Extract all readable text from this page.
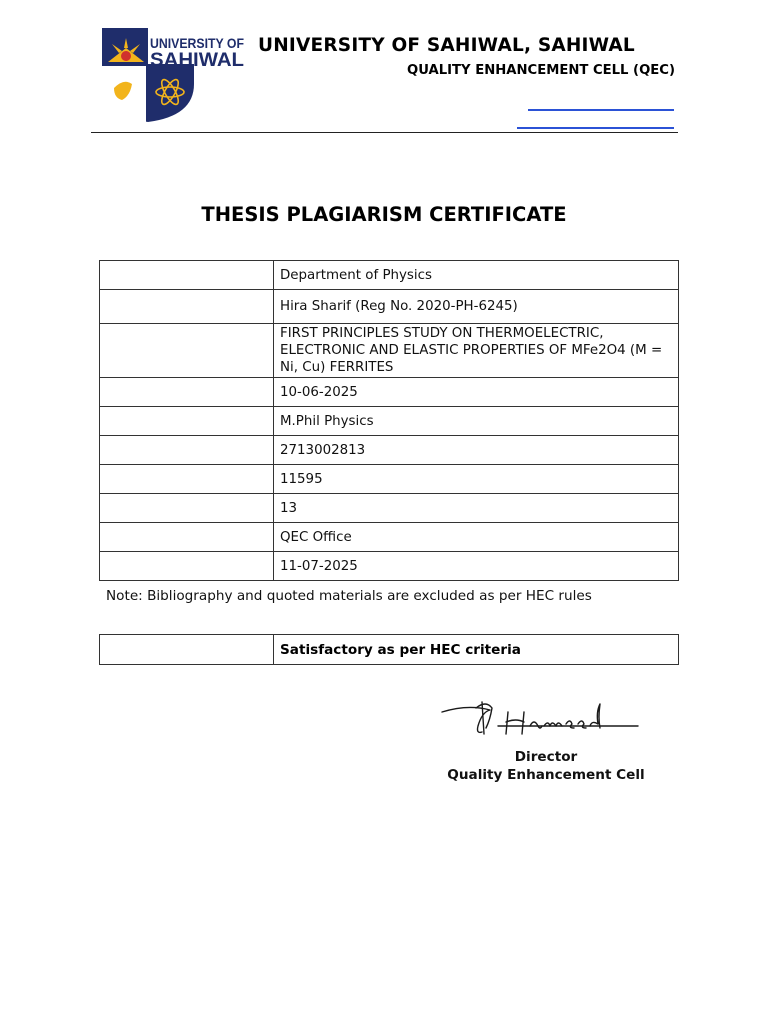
UNIVERSITY OF
SAHIWAL
UNIVERSITY OF SAHIWAL, SAHIWAL
QUALITY ENHANCEMENT CELL (QEC)
THESIS PLAGIARISM CERTIFICATE
	Department of Physics
	Hira Sharif (Reg No. 2020-PH-6245)
	FIRST PRINCIPLES STUDY ON THERMOELECTRIC, ELECTRONIC AND ELASTIC PROPERTIES OF MFe2O4 (M = Ni, Cu) FERRITES
	10-06-2025
	M.Phil Physics
	2713002813
	11595
	13
	QEC Office
	11-07-2025
Note: Bibliography and quoted materials are excluded as per HEC rules
	Satisfactory as per HEC criteria
Hameed
Director
Quality Enhancement Cell
